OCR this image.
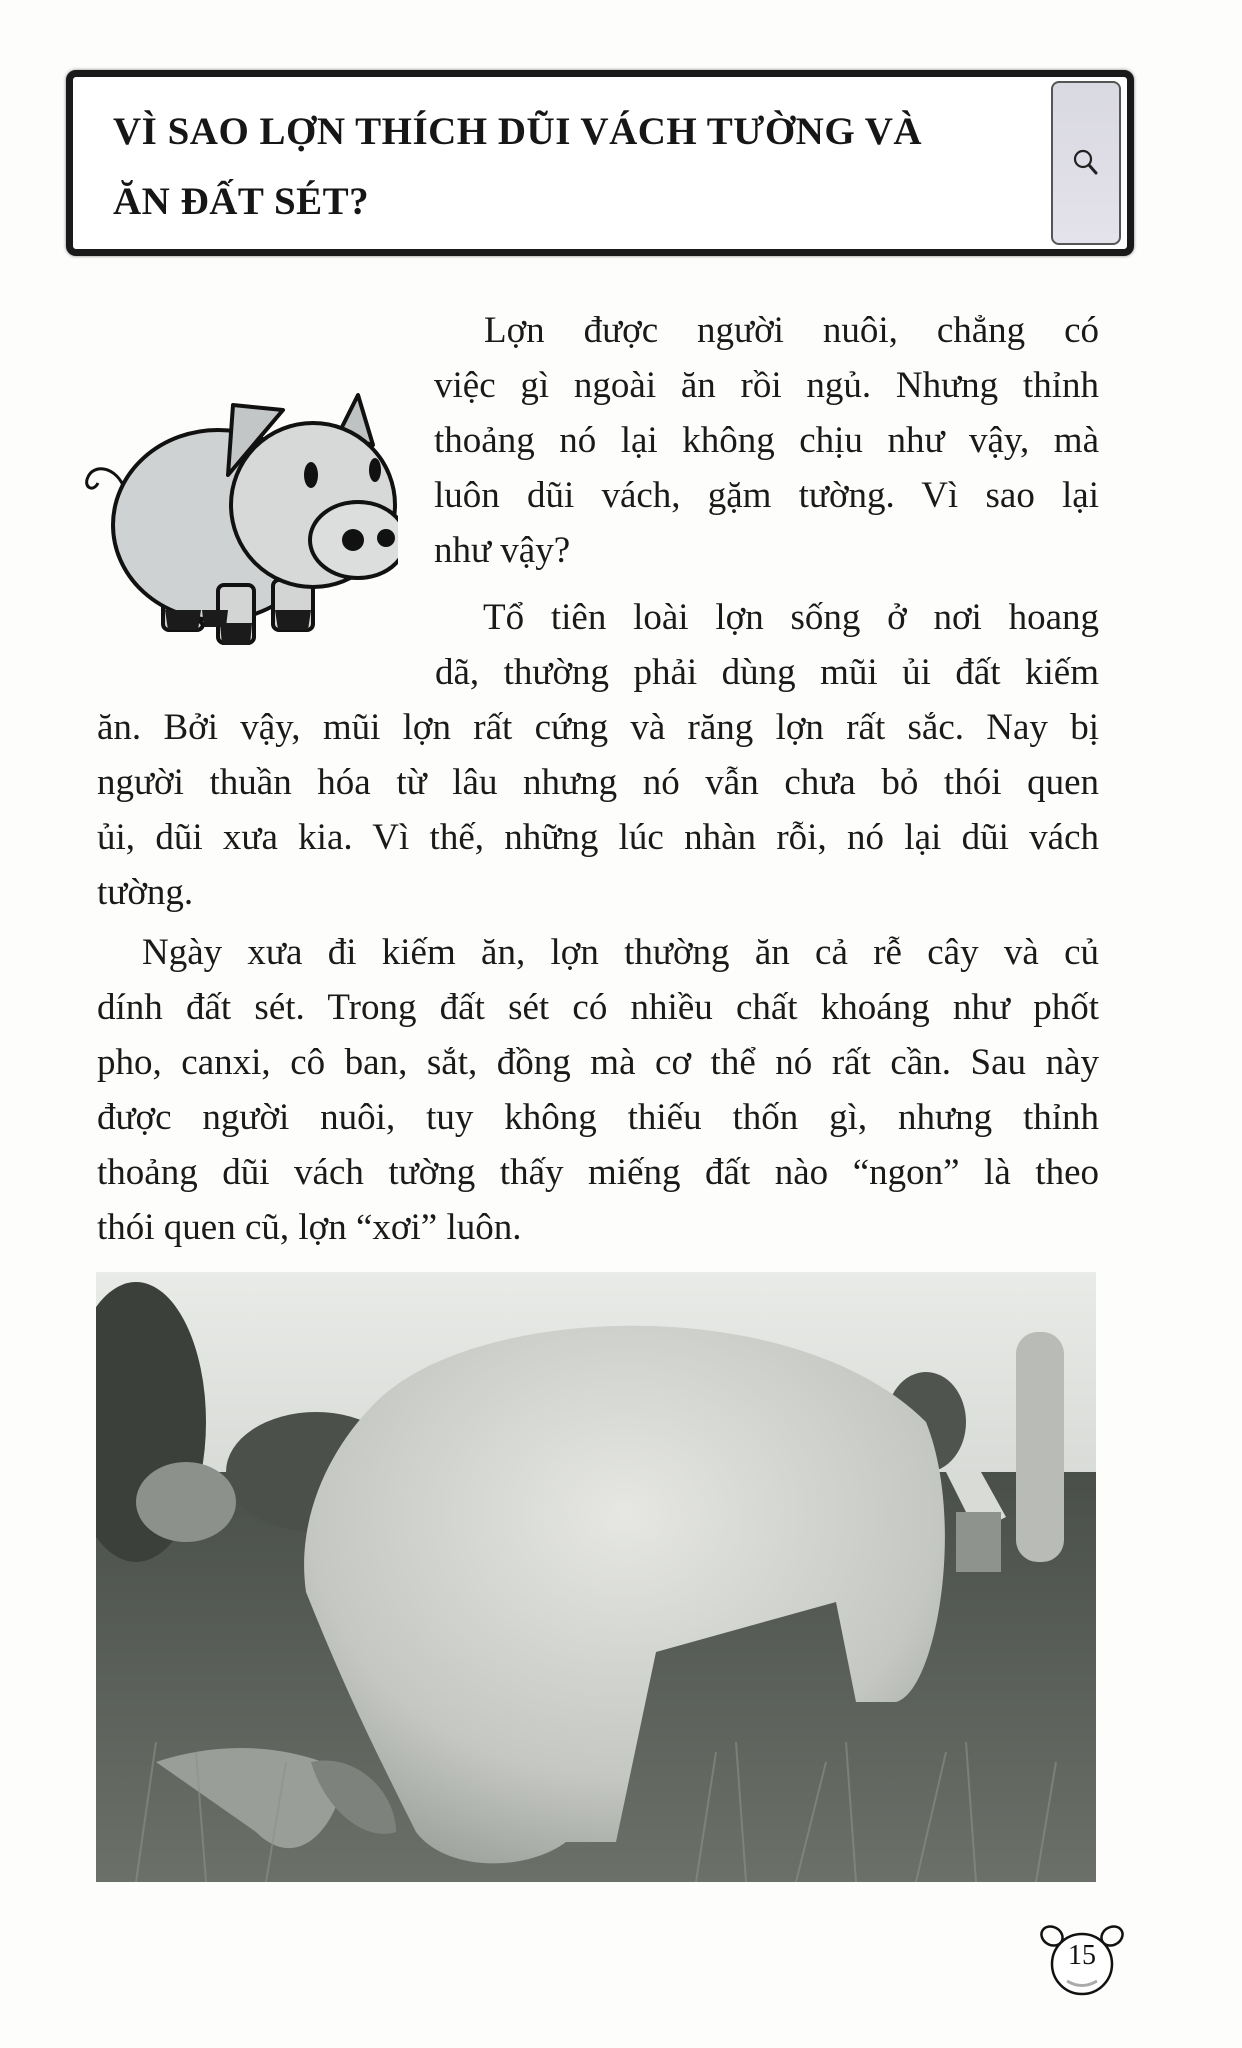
VÌ SAO LỢN THÍCH DŨI VÁCH TƯỜNG VÀ
ĂN ĐẤT SÉT?
Lợn được người nuôi, chẳng có
việc gì ngoài ăn rồi ngủ. Nhưng thỉnh
thoảng nó lại không chịu như vậy, mà
luôn dũi vách, gặm tường. Vì sao lại
như vậy?
Tổ tiên loài lợn sống ở nơi hoang
dã, thường phải dùng mũi ủi đất kiếm
ăn. Bởi vậy, mũi lợn rất cứng và răng lợn rất sắc. Nay bị
người thuần hóa từ lâu nhưng nó vẫn chưa bỏ thói quen
ủi, dũi xưa kia. Vì thế, những lúc nhàn rỗi, nó lại dũi vách
tường.
Ngày xưa đi kiếm ăn, lợn thường ăn cả rễ cây và củ
dính đất sét. Trong đất sét có nhiều chất khoáng như phốt
pho, canxi, cô ban, sắt, đồng mà cơ thể nó rất cần. Sau này
được người nuôi, tuy không thiếu thốn gì, nhưng thỉnh
thoảng dũi vách tường thấy miếng đất nào “ngon” là theo
thói quen cũ, lợn “xơi” luôn.
15
